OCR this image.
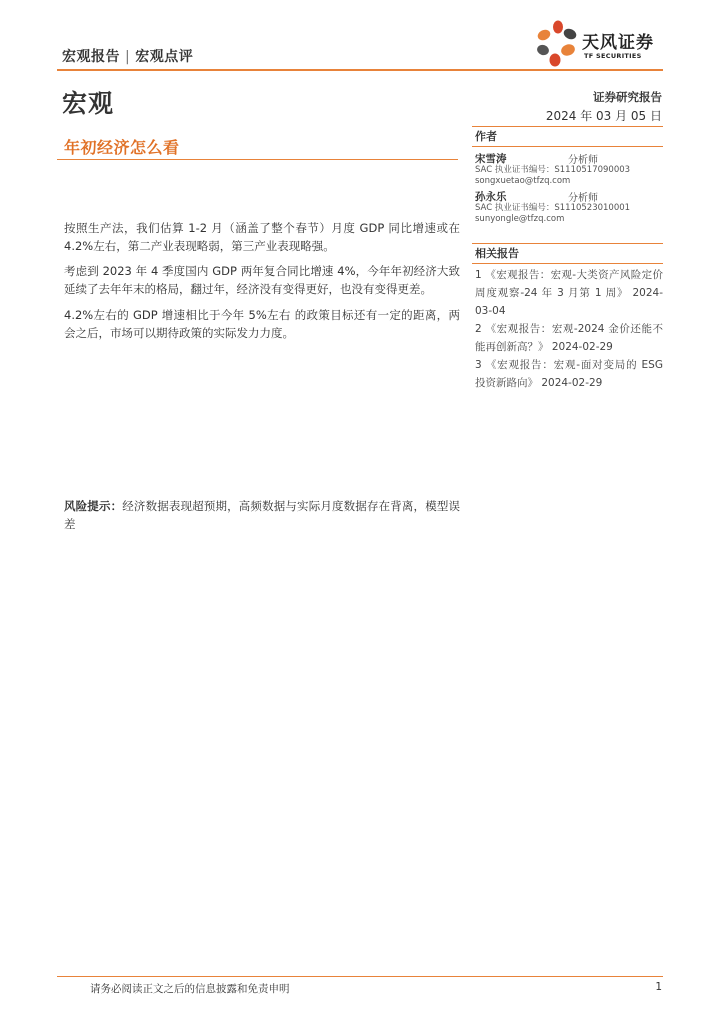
宏观报告 | 宏观点评
天风证券
TF SECURITIES
宏观	证券研究报告
2024 年 03 月 05 日
年初经济怎么看

按照生产法，我们估算 1-2 月（涵盖了整个春节）月度 GDP 同比增速或在 4.2%左右，第二产业表现略弱，第三产业表现略强。

考虑到 2023 年 4 季度国内 GDP 两年复合同比增速 4%，今年年初经济大致延续了去年年末的格局，翻过年，经济没有变得更好，也没有变得更差。

4.2%左右的 GDP 增速相比于今年 5%左右 的政策目标还有一定的距离，两会之后，市场可以期待政策的实际发力力度。

风险提示：经济数据表现超预期，高频数据与实际月度数据存在背离，模型误差

作者
宋雪涛	分析师
SAC 执业证书编号：S1110517090003
songxuetao@tfzq.com
孙永乐	分析师
SAC 执业证书编号：S1110523010001
sunyongle@tfzq.com
相关报告

1 《宏观报告：宏观-大类资产风险定价周度观察-24 年 3 月第 1 周》 2024-03-04

2 《宏观报告：宏观-2024 金价还能不能再创新高？》 2024-02-29

3 《宏观报告：宏观-面对变局的 ESG 投资新路向》 2024-02-29

请务必阅读正文之后的信息披露和免责申明	1
